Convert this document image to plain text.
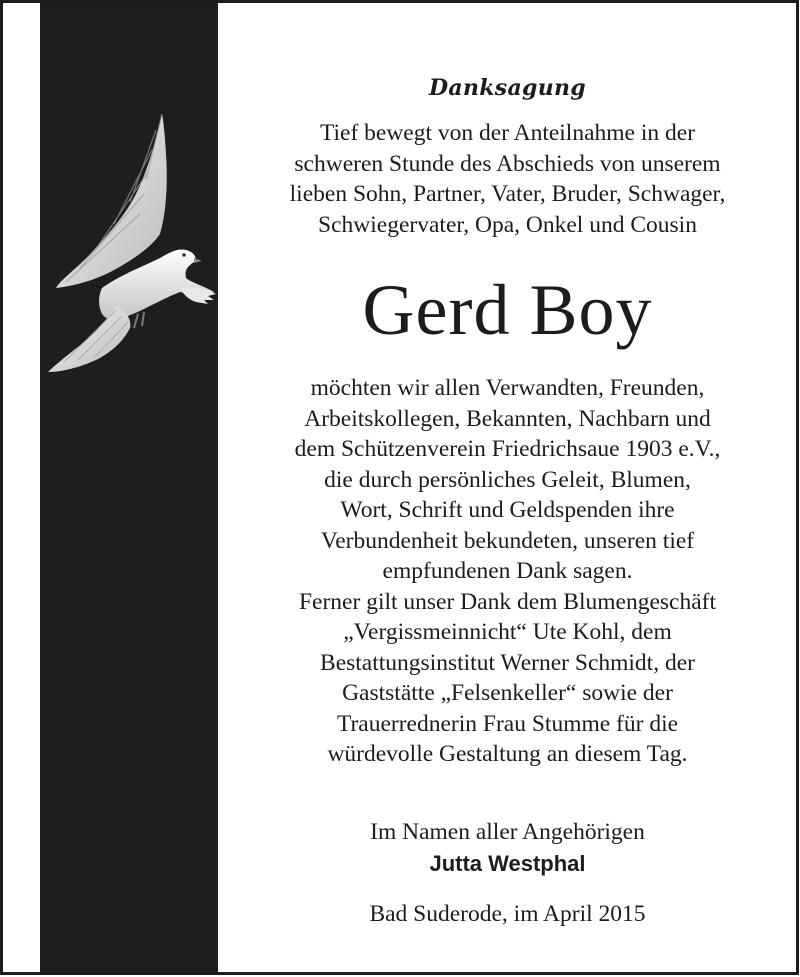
Danksagung
Tief bewegt von der Anteilnahme in der
schweren Stunde des Abschieds von unserem
lieben Sohn, Partner, Vater, Bruder, Schwager,
Schwiegervater, Opa, Onkel und Cousin
Gerd Boy
möchten wir allen Verwandten, Freunden,
Arbeitskollegen, Bekannten, Nachbarn und
dem Schützenverein Friedrichsaue 1903 e.V.,
die durch persönliches Geleit, Blumen,
Wort, Schrift und Geldspenden ihre
Verbundenheit bekundeten, unseren tief
empfundenen Dank sagen.
Ferner gilt unser Dank dem Blumengeschäft
„Vergissmeinnicht“ Ute Kohl, dem
Bestattungsinstitut Werner Schmidt, der
Gaststätte „Felsenkeller“ sowie der
Trauerrednerin Frau Stumme für die
würdevolle Gestaltung an diesem Tag.
Im Namen aller Angehörigen
Jutta Westphal
Bad Suderode, im April 2015
